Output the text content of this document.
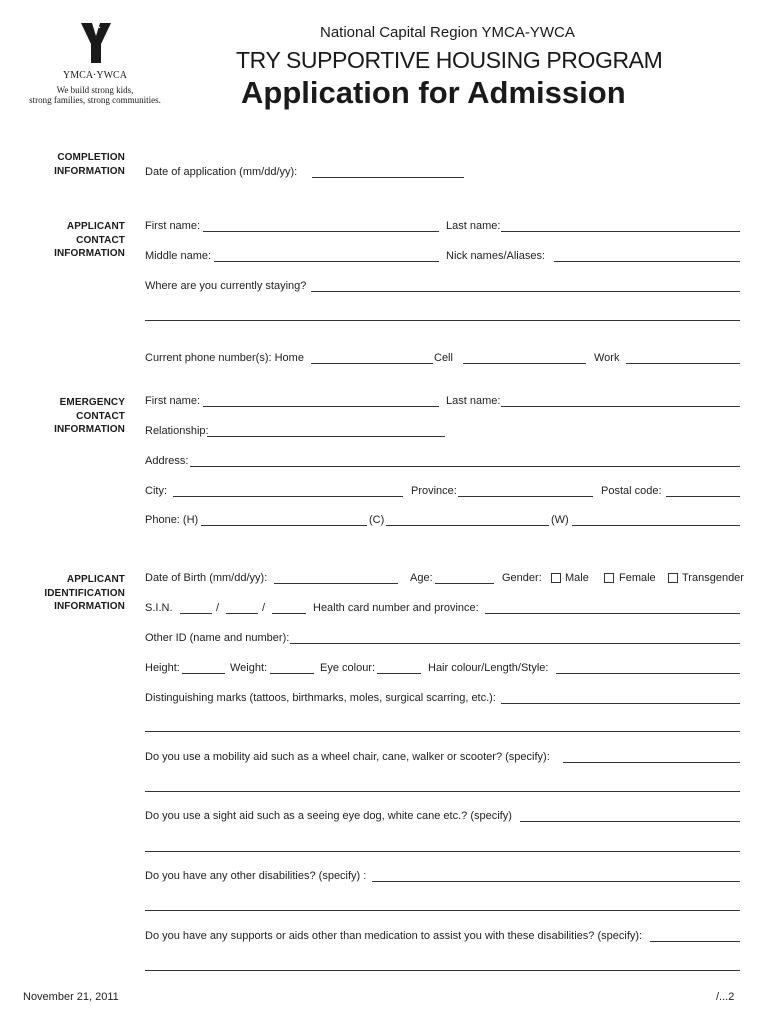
YMCA·YWCA
We build strong kids,
strong families, strong communities.
National Capital Region YMCA-YWCA
TRY SUPPORTIVE HOUSING PROGRAM
Application for Admission
COMPLETION
INFORMATION
APPLICANT
CONTACT
INFORMATION
EMERGENCY
CONTACT
INFORMATION
APPLICANT
IDENTIFICATION
INFORMATION
Date of application (mm/dd/yy):
First name:	Last name:
Middle name:	Nick names/Aliases:
Where are you currently staying?
Current phone number(s): Home	Cell	Work
First name:	Last name:
Relationship:
Address:
City:	Province:	Postal code:
Phone: (H)	(C)	(W)
Date of Birth (mm/dd/yy):	Age:	Gender: Male	Female Transgender
S.I.N.	/	/	Health card number and province:
Other ID (name and number):
Height:	Weight:	Eye colour:	Hair colour/Length/Style:
Distinguishing marks (tattoos, birthmarks, moles, surgical scarring, etc.):
Do you use a mobility aid such as a wheel chair, cane, walker or scooter? (specify):
Do you use a sight aid such as a seeing eye dog, white cane etc.? (specify)
Do you have any other disabilities? (specify) :
Do you have any supports or aids other than medication to assist you with these disabilities? (specify):
November 21, 2011	/...2
